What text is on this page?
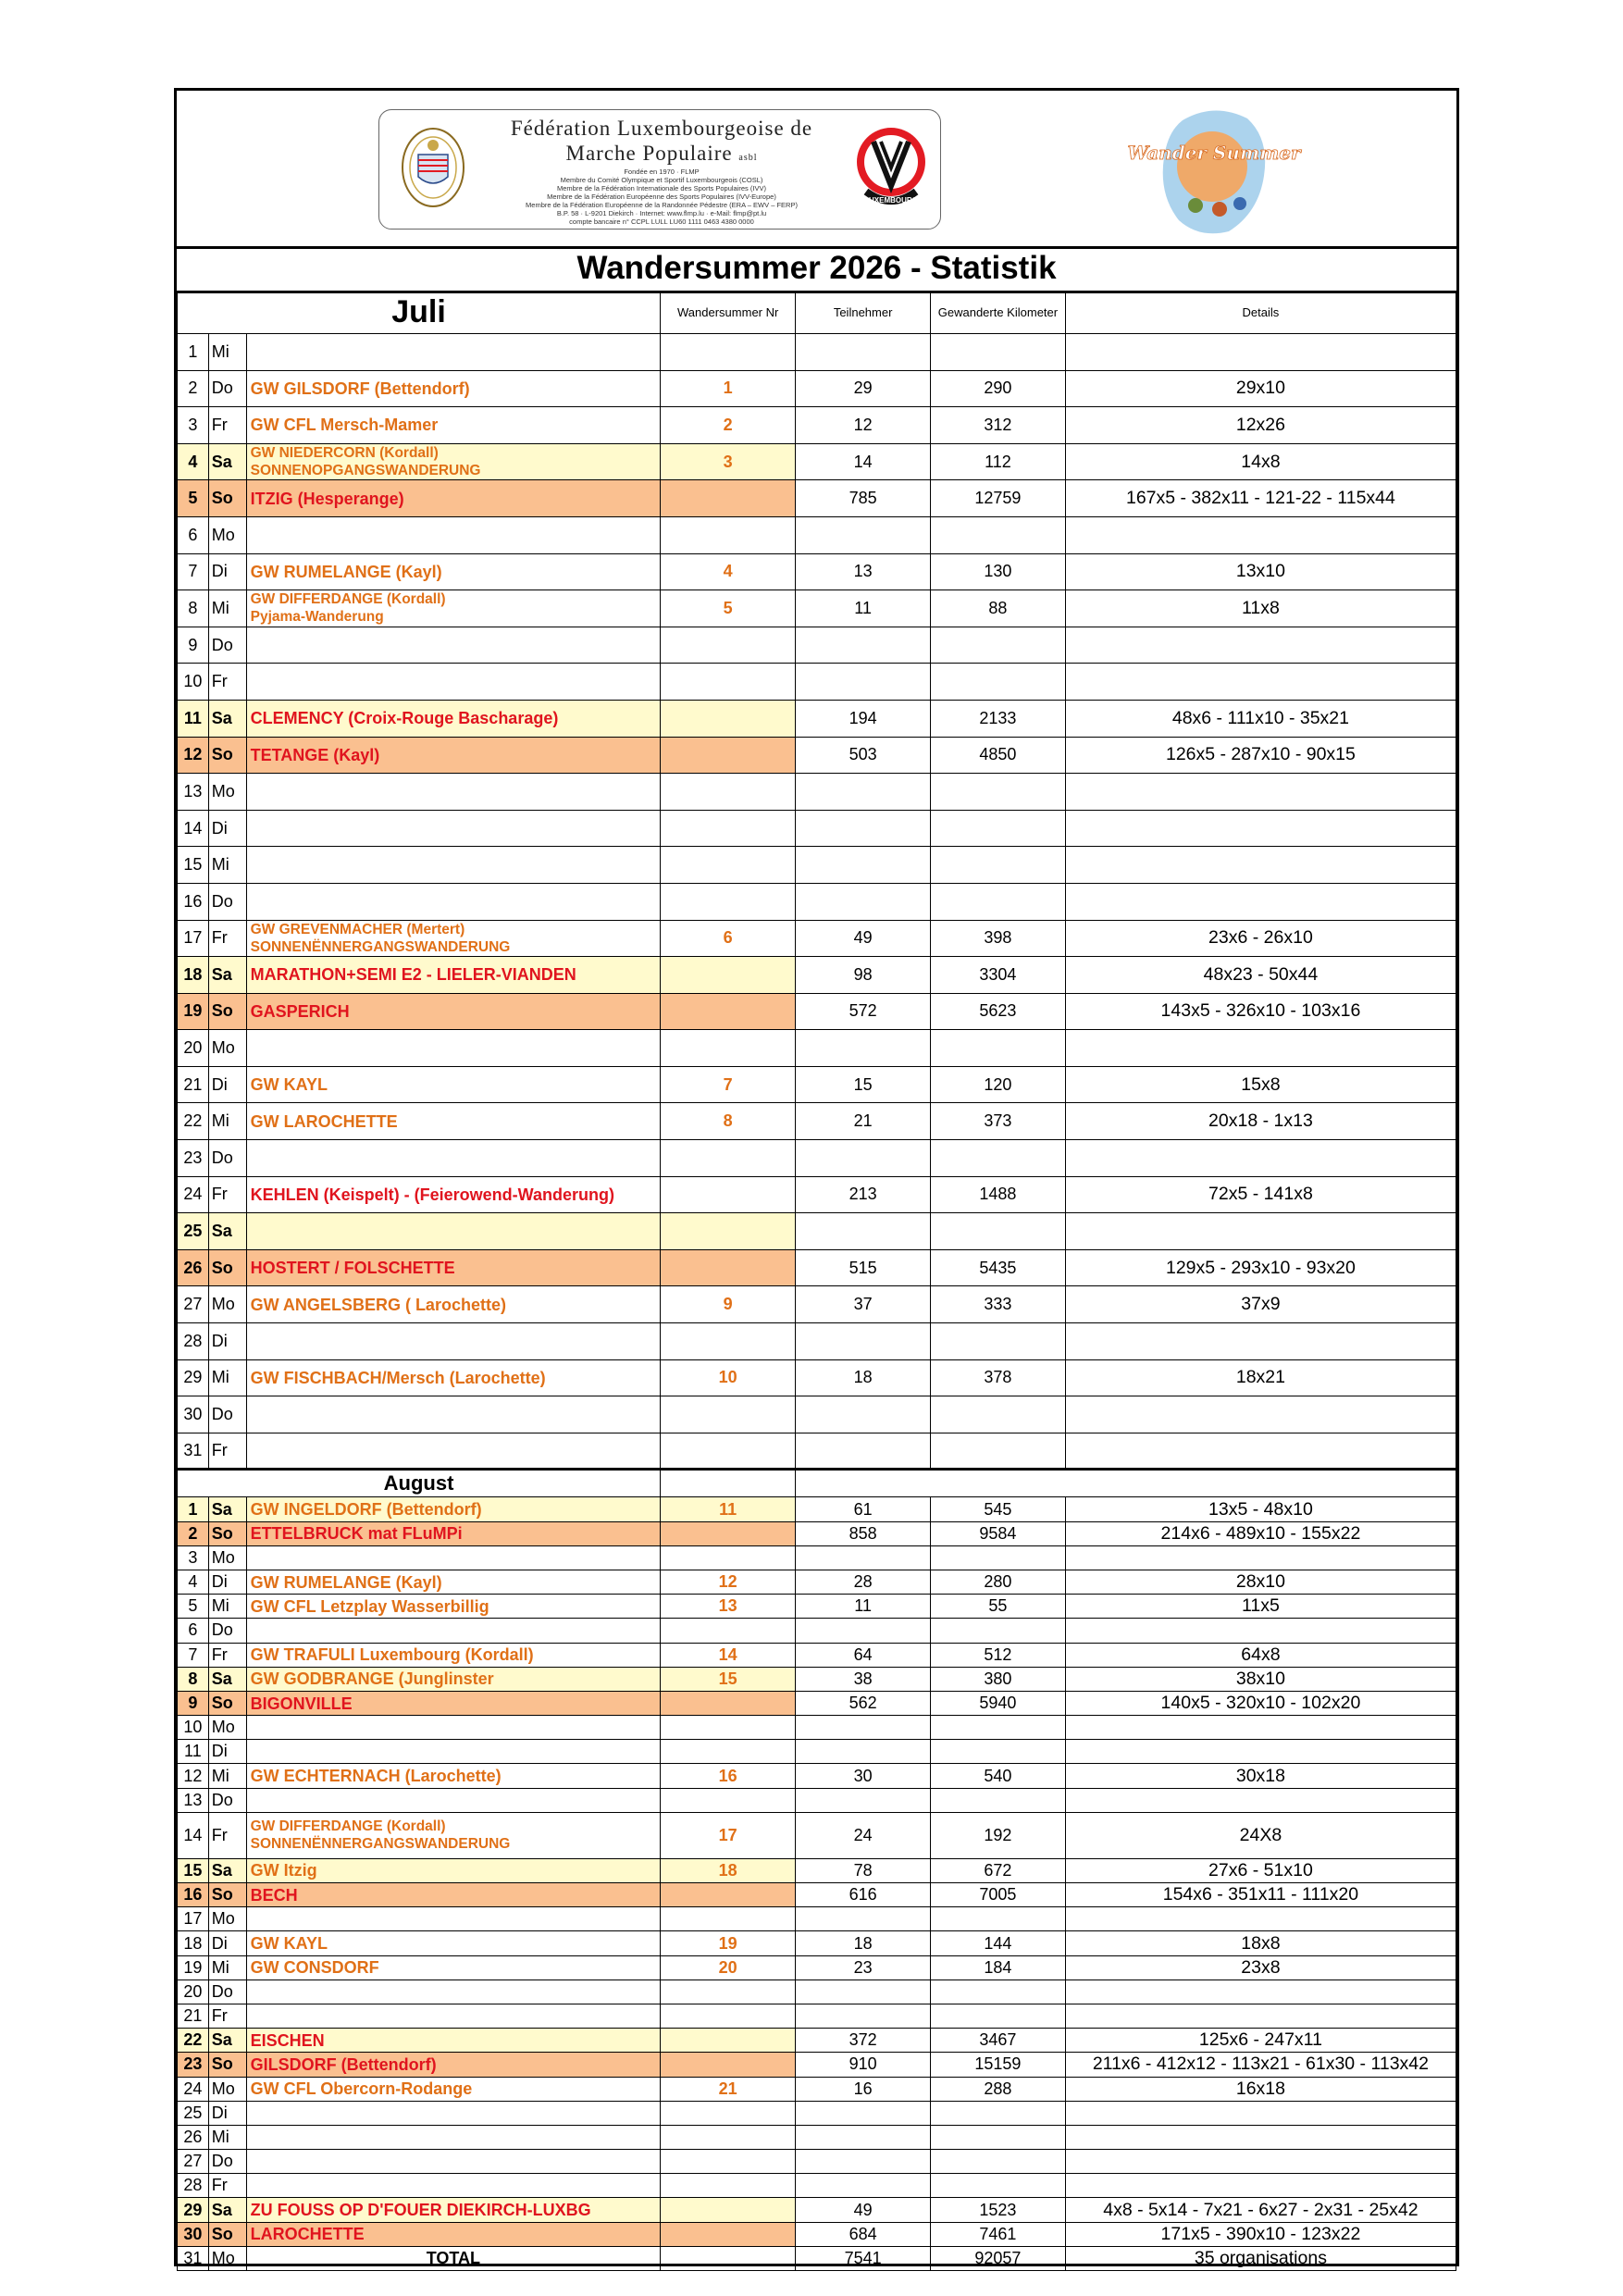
Fédération Luxembourgeoise de
Marche Populaire asbl
Fondée en 1970 · FLMP
Membre du Comité Olympique et Sportif Luxembourgeois (COSL)
Membre de la Fédération Internationale des Sports Populaires (IVV)
Membre de la Fédération Européenne des Sports Populaires (IVV-Europe)
Membre de la Fédération Européenne de la Randonnée Pédestre (ERA – EWV – FERP)
B.P. 58 · L-9201 Diekirch · Internet: www.flmp.lu · e-Mail: flmp@pt.lu
compte bancaire n° CCPL LULL LU60 1111 0463 4380 0000
LUXEMBOURG
Wander Summer
Wandersummer 2026 - Statistik
Juli			Wandersummer Nr	Teilnehmer	Gewanderte Kilometer	Details
1	Mi	

2	Do	GW GILSDORF (Bettendorf)	1	29	290	29x10
3	Fr	GW CFL Mersch-Mamer	2	12	312	12x26
4	Sa	GW NIEDERCORN (Kordall)
SONNENOPGANGSWANDERUNG	3	14	112	14x8
5	So	ITZIG (Hesperange)		785	12759	167x5 - 382x11 - 121-22 - 115x44
6	Mo	

7	Di	GW RUMELANGE (Kayl)	4	13	130	13x10
8	Mi	GW DIFFERDANGE (Kordall)
Pyjama-Wanderung	5	11	88	11x8
9	Do	

10	Fr	

11	Sa	CLEMENCY (Croix-Rouge Bascharage)		194	2133	48x6 - 111x10 - 35x21
12	So	TETANGE (Kayl)		503	4850	126x5 - 287x10 - 90x15
13	Mo	

14	Di	

15	Mi	

16	Do	

17	Fr	GW GREVENMACHER (Mertert)
SONNENËNNERGANGSWANDERUNG	6	49	398	23x6 - 26x10
18	Sa	MARATHON+SEMI E2 - LIELER-VIANDEN		98	3304	48x23 - 50x44
19	So	GASPERICH		572	5623	143x5 - 326x10 - 103x16
20	Mo	

21	Di	GW KAYL	7	15	120	15x8
22	Mi	GW LAROCHETTE	8	21	373	20x18 - 1x13
23	Do	

24	Fr	KEHLEN (Keispelt) - (Feierowend-Wanderung)		213	1488	72x5 - 141x8
25	Sa	

26	So	HOSTERT / FOLSCHETTE		515	5435	129x5 - 293x10 - 93x20
27	Mo	GW ANGELSBERG ( Larochette)	9	37	333	37x9
28	Di	

29	Mi	GW FISCHBACH/Mersch (Larochette)	10	18	378	18x21
30	Do	

31	Fr	

August						
1	Sa	GW INGELDORF (Bettendorf)	11	61	545	13x5 - 48x10
2	So	ETTELBRUCK mat FLuMPi		858	9584	214x6 - 489x10 - 155x22
3	Mo	

4	Di	GW RUMELANGE (Kayl)	12	28	280	28x10
5	Mi	GW CFL Letzplay Wasserbillig	13	11	55	11x5
6	Do	

7	Fr	GW TRAFULI Luxembourg (Kordall)	14	64	512	64x8
8	Sa	GW GODBRANGE (Junglinster	15	38	380	38x10
9	So	BIGONVILLE		562	5940	140x5 - 320x10 - 102x20
10	Mo	

11	Di	

12	Mi	GW ECHTERNACH (Larochette)	16	30	540	30x18
13	Do	

14	Fr	GW DIFFERDANGE (Kordall)
SONNENËNNERGANGSWANDERUNG	17	24	192	24X8
15	Sa	GW Itzig	18	78	672	27x6 - 51x10
16	So	BECH		616	7005	154x6 - 351x11 - 111x20
17	Mo	

18	Di	GW KAYL	19	18	144	18x8
19	Mi	GW CONSDORF	20	23	184	23x8
20	Do	

21	Fr	

22	Sa	EISCHEN		372	3467	125x6 - 247x11
23	So	GILSDORF (Bettendorf)		910	15159	211x6 - 412x12 - 113x21 - 61x30 - 113x42
24	Mo	GW CFL Obercorn-Rodange	21	16	288	16x18
25	Di	

26	Mi	

27	Do	

28	Fr	

29	Sa	ZU FOUSS OP D'FOUER DIEKIRCH-LUXBG		49	1523	4x8 - 5x14 - 7x21 - 6x27 - 2x31 - 25x42
30	So	LAROCHETTE		684	7461	171x5 - 390x10 - 123x22
31	Mo	TOTAL		7541	92057	35 organisations
